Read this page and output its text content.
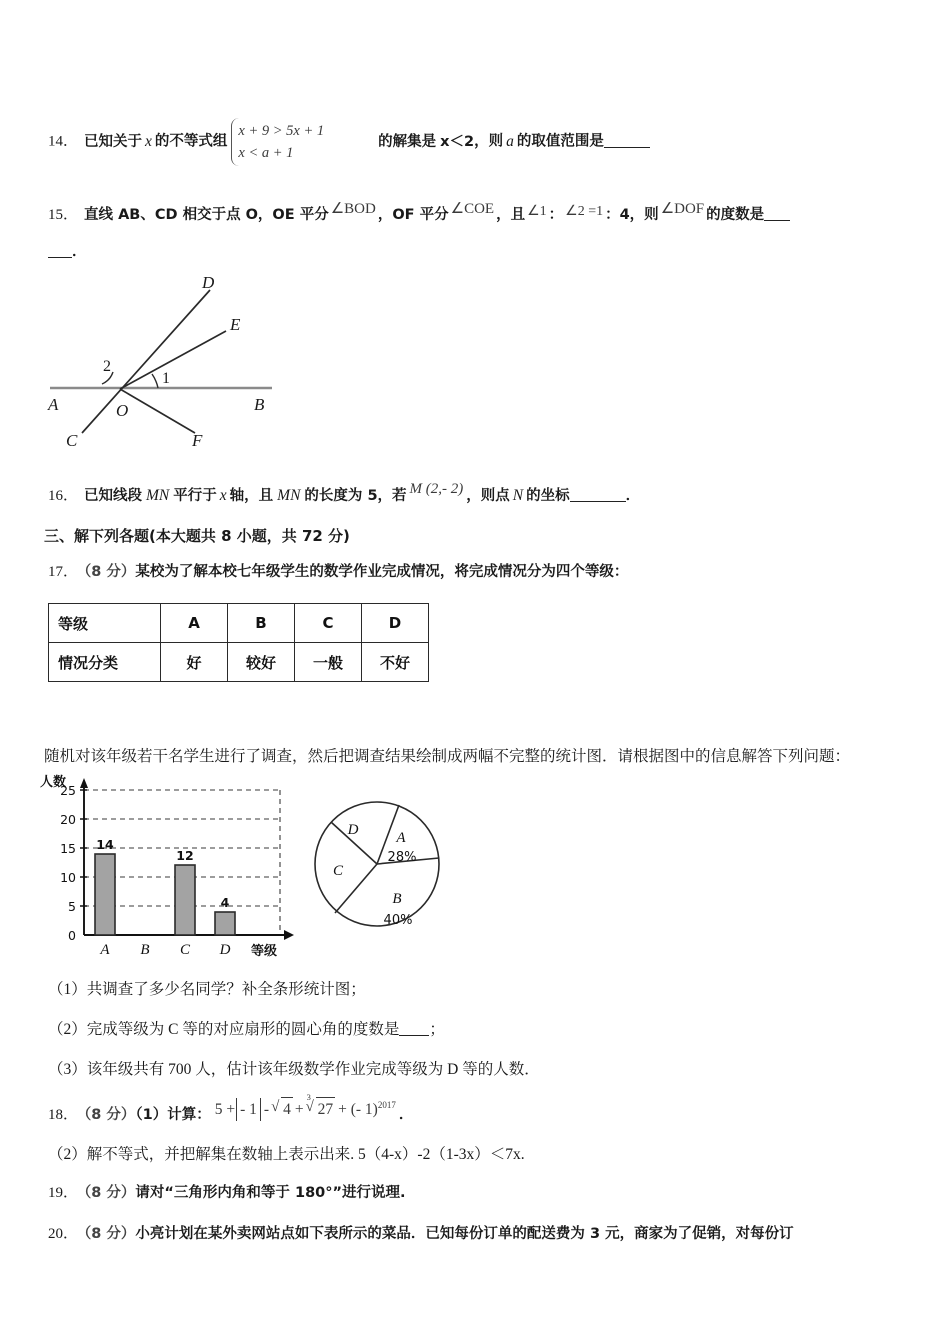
14． 已知关于 x 的不等式组
x + 9 > 5x + 1
x < a + 1
的解集是 x＜2，则 a 的取值范围是
15． 直线 AB、CD 相交于点 O，OE 平分 ∠BOD ，OF 平分 ∠COE ，且 ∠1 ： ∠2 =1 ：4，则 ∠DOF 的度数是
．
D
E
2
1
A	B
O
C	F
16． 已知线段 MN 平行于 x 轴，且 MN 的长度为 5，若 M (2,- 2) ，则点 N 的坐标	．
三、解下列各题(本大题共 8 小题，共 72 分)
17． （8 分）某校为了解本校七年级学生的数学作业完成情况，将完成情况分为四个等级：
等级	A	B	C	D
情况分类	好	较好	一般	不好
随机对该年级若干名学生进行了调查，然后把调查结果绘制成两幅不完整的统计图．请根据图中的信息解答下列问题：
人数
25
20
15
10
5
0
14
12
4
A B C D 等级
A
28%
B
40%
C
D
（1）共调查了多少名同学？补全条形统计图；
（2）完成等级为 C 等的对应扇形的圆心角的度数是 ；
（3）该年级共有 700 人，估计该年级数学作业完成等级为 D 等的人数．
18． （8 分）（1）计算： 5 + - 1 - √ 4 +
√ 3
27 + (- 1)$^{2017}$．
（2）解不等式，并把解集在数轴上表示出来. 5（4-x）-2（1-3x）＜7x.
19． （8 分）请对“三角形内角和等于 180°”进行说理.
20． （8 分）小亮计划在某外卖网站点如下表所示的菜品．已知每份订单的配送费为 3 元，商家为了促销，对每份订
